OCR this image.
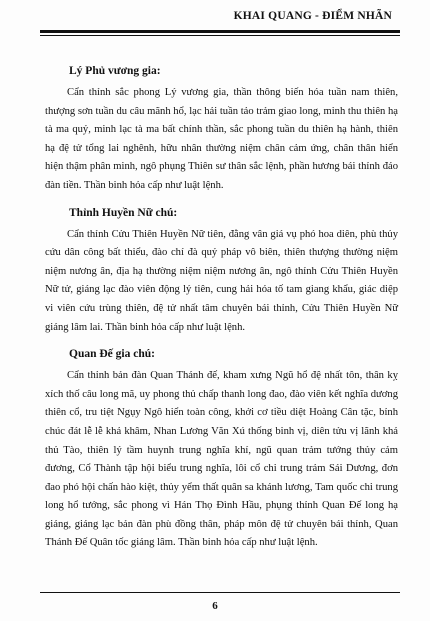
KHAI QUANG - ĐIỂM NHÃN

Lý Phủ vương gia:

Cẩn thỉnh sắc phong Lý vương gia, thần thông biến hóa tuần nam thiên, thượng sơn tuần du câu mãnh hổ, lạc hải tuần tảo trảm giao long, minh thu thiên hạ tà ma quỷ, minh lạc tà ma bất chính thần, sắc phong tuần du thiên hạ hành, thiên hạ đệ tử tổng lai nghênh, hữu nhân thường niệm chân cảm ứng, chân thân hiển hiện thậm phân minh, ngô phụng Thiên sư thân sắc lệnh, phần hương bái thỉnh đáo đàn tiền. Thần binh hỏa cấp như luật lệnh.

Thỉnh Huyền Nữ chú:

Cẩn thỉnh Cửu Thiên Huyền Nữ tiên, đằng vân giá vụ phó hoa diên, phù thủy cứu dân công bất thiểu, đào chí đà quỷ pháp vô biên, thiên thượng thường niệm niệm nương ân, địa hạ thường niệm niệm nương ân, ngô thỉnh Cửu Thiên Huyền Nữ tử, giáng lạc đào viên động lý tiên, cung hải hóa tố tam giang khẩu, giác diệp vi viên cứu trùng thiên, đệ tử nhất tâm chuyên bái thỉnh, Cửu Thiên Huyền Nữ giáng lâm lai. Thần binh hỏa cấp như luật lệnh.

Quan Đế gia chú:

Cẩn thỉnh bản đàn Quan Thánh đế, kham xưng Ngũ hổ đệ nhất tôn, thân kỵ xích thố câu long mã, uy phong thủ chấp thanh long đao, đào viên kết nghĩa dương thiên cổ, tru tiệt Ngụy Ngô hiển toàn công, khởi cơ tiều diệt Hoàng Cân tặc, bỉnh chúc đát lễ lễ khả khâm, Nhan Lương Văn Xú thống binh vị, diên tửu vị lãnh khả thủ Tào, thiên lý tầm huynh trung nghĩa khí, ngũ quan trảm tướng thủy cảm đương, Cổ Thành tập hội biểu trung nghĩa, lôi cổ chi trung trảm Sái Dương, đơn đao phó hội chấn hào kiệt, thủy yểm thất quân sa khánh lương, Tam quốc chi trung long hổ tướng, sắc phong vì Hán Thọ Đình Hầu, phụng thỉnh Quan Đế long hạ giáng, giáng lạc bản đàn phù đồng thân, pháp môn đệ tử chuyên bái thỉnh, Quan Thánh Đế Quân tốc giáng lâm. Thần binh hỏa cấp như luật lệnh.

6
